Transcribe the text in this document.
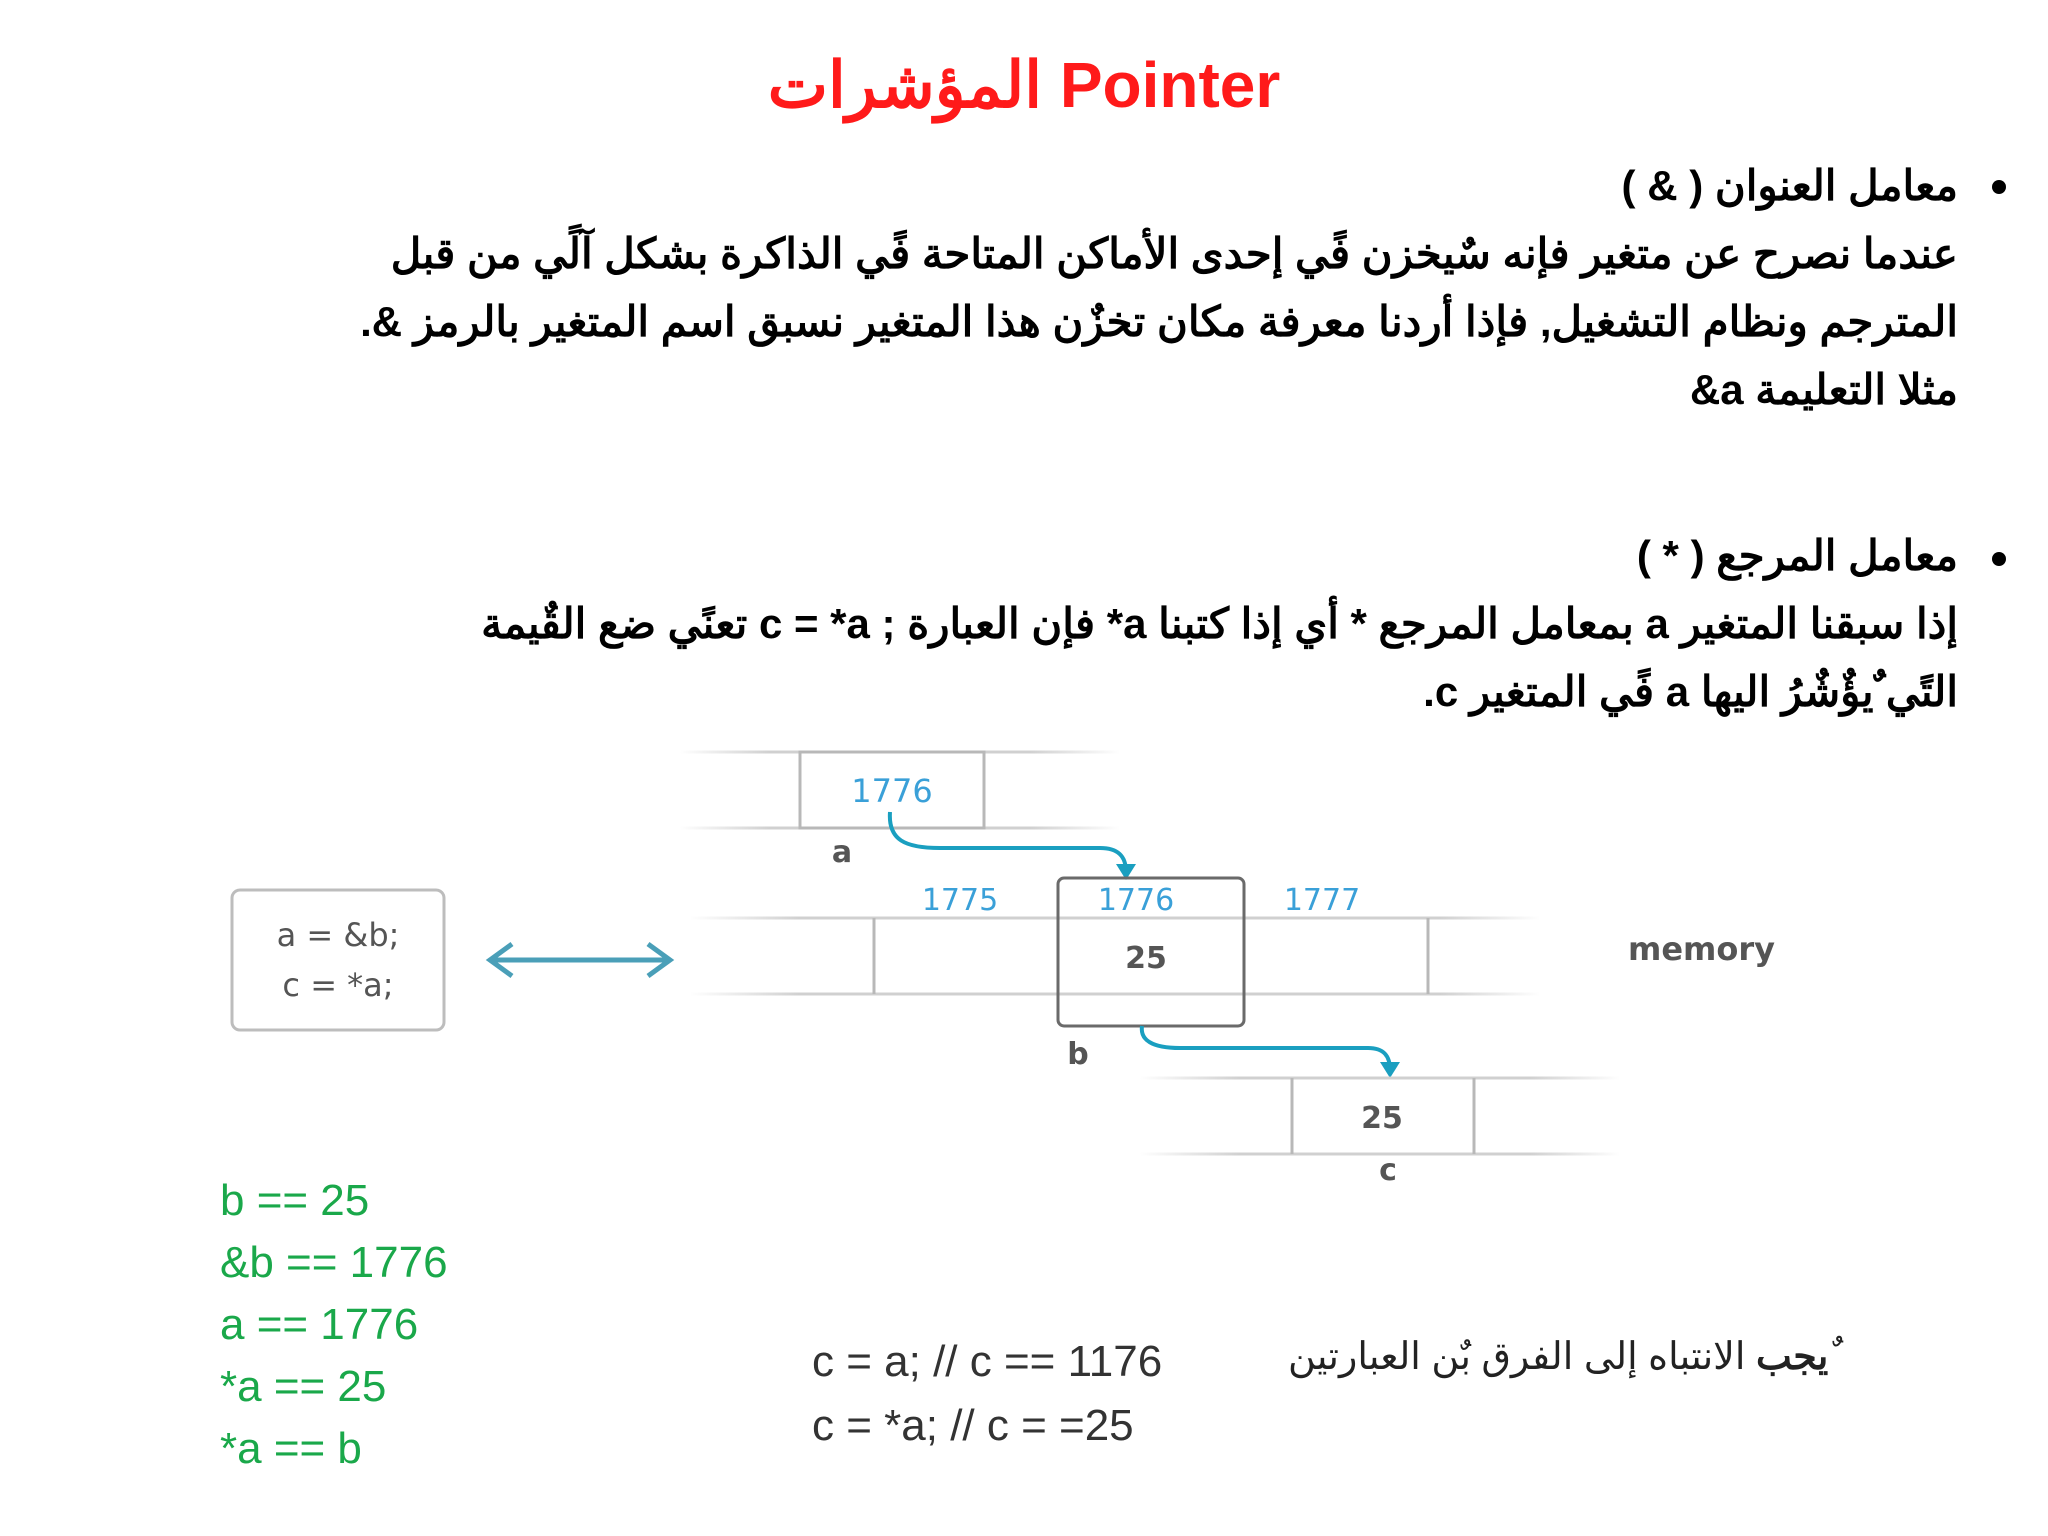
المؤشرات Pointer
معامل العنوان ( & )
عندما نصرح عن متغير فإنه سٌيخزن فًي إحدى الأماكن المتاحة فًي الذاكرة بشكل آلًي من قبل
المترجم ونظام التشغيل, فإذا أردنا معرفة مكان تخزٌن هذا المتغير نسبق اسم المتغير بالرمز &.
مثلا التعليمة a&
معامل المرجع ( * )
إذا سبقنا المتغير a بمعامل المرجع * أي إذا كتبنا a* فإن العبارة ; c = *a تعنًي ضع القٌيمة
التًي ٌيؤٌشٌرُ اليها a فًي المتغير c.
a = &b;
c = *a;
1776
a
1775	1776	1777
25
b
memory
25
c
b == 25
&b == 1776
a == 1776
*a == 25
*a == b
c = a; // c == 1176
c = *a; // c = =25
يجب الانتباه إلى الفرق بٌن العبارتين
